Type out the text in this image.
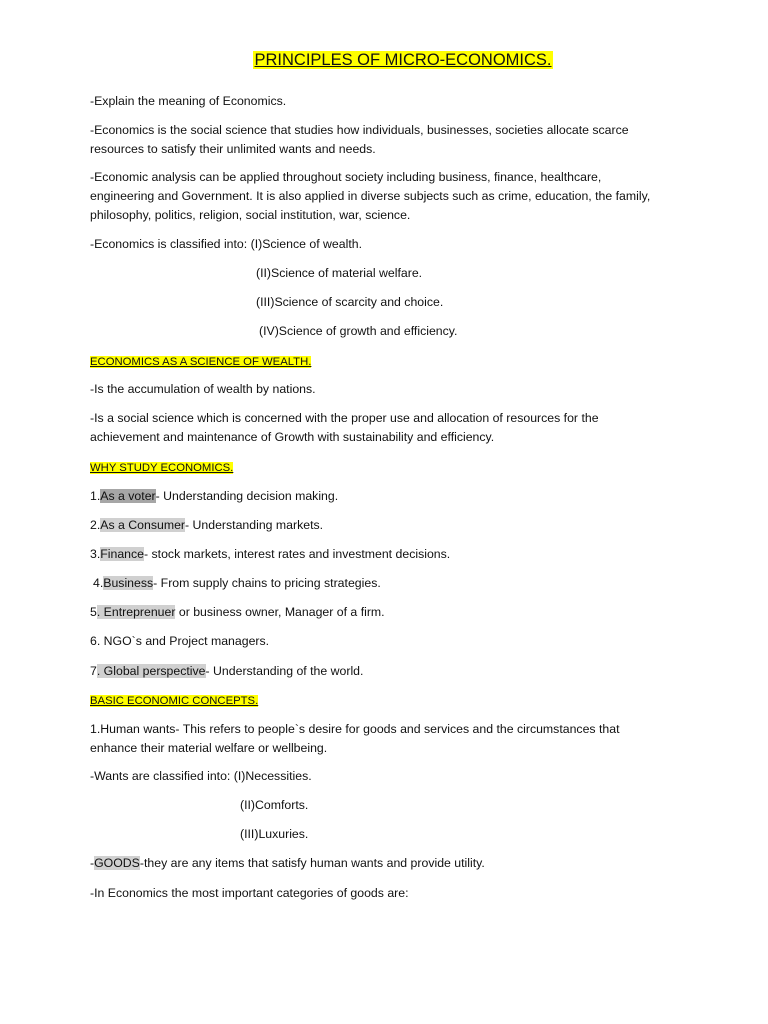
PRINCIPLES OF MICRO-ECONOMICS.
-Explain the meaning of Economics.
-Economics is the social science that studies how individuals, businesses, societies allocate scarce
resources to satisfy their unlimited wants and needs.
-Economic analysis can be applied throughout society including business, finance, healthcare,
engineering and Government. It is also applied in diverse subjects such as crime, education, the family,
philosophy, politics, religion, social institution, war, science.
-Economics is classified into: (I)Science of wealth.
(II)Science of material welfare.
(III)Science of scarcity and choice.
(IV)Science of growth and efficiency.
ECONOMICS AS A SCIENCE OF WEALTH.
-Is the accumulation of wealth by nations.
-Is a social science which is concerned with the proper use and allocation of resources for the
achievement and maintenance of Growth with sustainability and efficiency.
WHY STUDY ECONOMICS.
1.As a voter- Understanding decision making.
2.As a Consumer- Understanding markets.
3.Finance- stock markets, interest rates and investment decisions.
4.Business- From supply chains to pricing strategies.
5. Entreprenuer or business owner, Manager of a firm.
6. NGO`s and Project managers.
7. Global perspective- Understanding of the world.
BASIC ECONOMIC CONCEPTS.
1.Human wants- This refers to people`s desire for goods and services and the circumstances that
enhance their material welfare or wellbeing.
-Wants are classified into: (I)Necessities.
(II)Comforts.
(III)Luxuries.
-GOODS-they are any items that satisfy human wants and provide utility.
-In Economics the most important categories of goods are:
